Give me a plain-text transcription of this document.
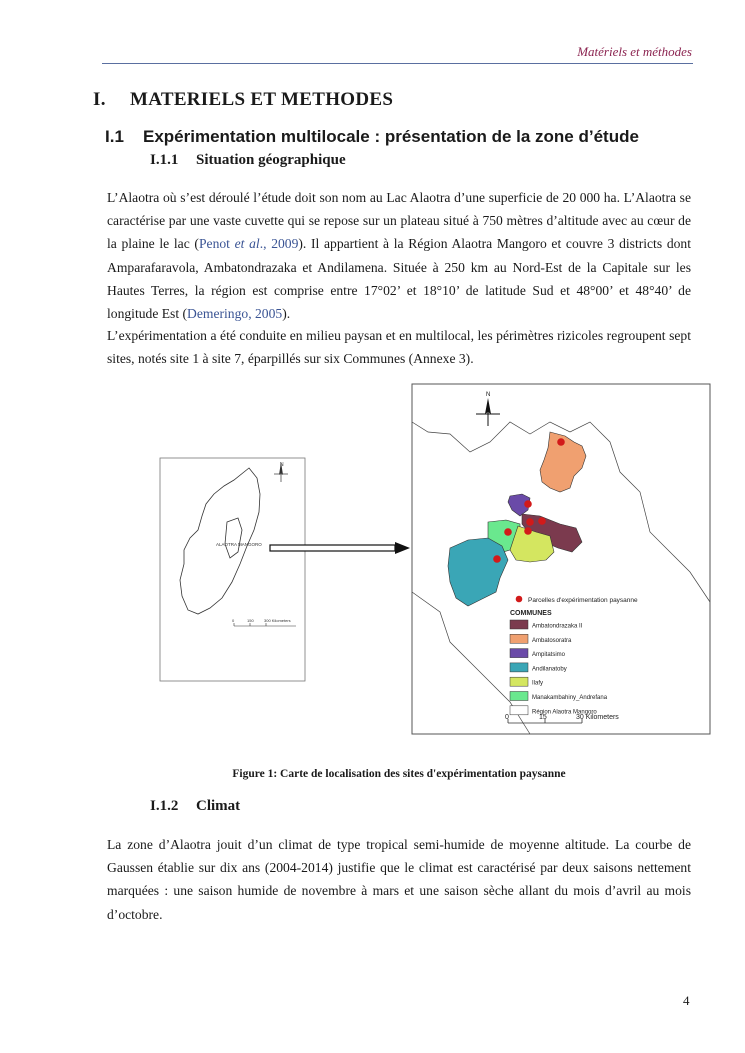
Matériels et méthodes
I. MATERIELS ET METHODES
I.1 Expérimentation multilocale : présentation de la zone d’étude
I.1.1 Situation géographique
L’Alaotra où s’est déroulé l’étude doit son nom au Lac Alaotra d’une superficie de 20 000 ha. L’Alaotra se caractérise par une vaste cuvette qui se repose sur un plateau situé à 750 mètres d’altitude avec au cœur de la plaine le lac (Penot et al., 2009). Il appartient à la Région Alaotra Mangoro et couvre 3 districts dont Amparafaravola, Ambatondrazaka et Andilamena. Située à 250 km au Nord-Est de la Capitale sur les Hautes Terres, la région est comprise entre 17°02’ et 18°10’ de latitude Sud et 48°00’ et 48°40’ de longitude Est (Demeringo, 2005).
L’expérimentation a été conduite en milieu paysan et en multilocal, les périmètres rizicoles regroupent sept sites, notés site 1 à site 7, éparpillés sur six Communes (Annexe 3).
N
ALAOTRA MANGORO
0	150	300 Kilometers
N
Parcelles d'expérimentation paysanne
COMMUNES
Ambatondrazaka II
Ambatosoratra
Ampitatsimo
Andilanatoby
Ilafy
Manakambahiny_Andrefana
Région Alaotra Mangoro
0	15	30 Kilometers
Figure 1: Carte de localisation des sites d'expérimentation paysanne
I.1.2 Climat
La zone d’Alaotra jouit d’un climat de type tropical semi-humide de moyenne altitude. La courbe de Gaussen établie sur dix ans (2004-2014) justifie que le climat est caractérisé par deux saisons nettement marquées : une saison humide de novembre à mars et une saison sèche allant du mois d’avril au mois d’octobre.
4
